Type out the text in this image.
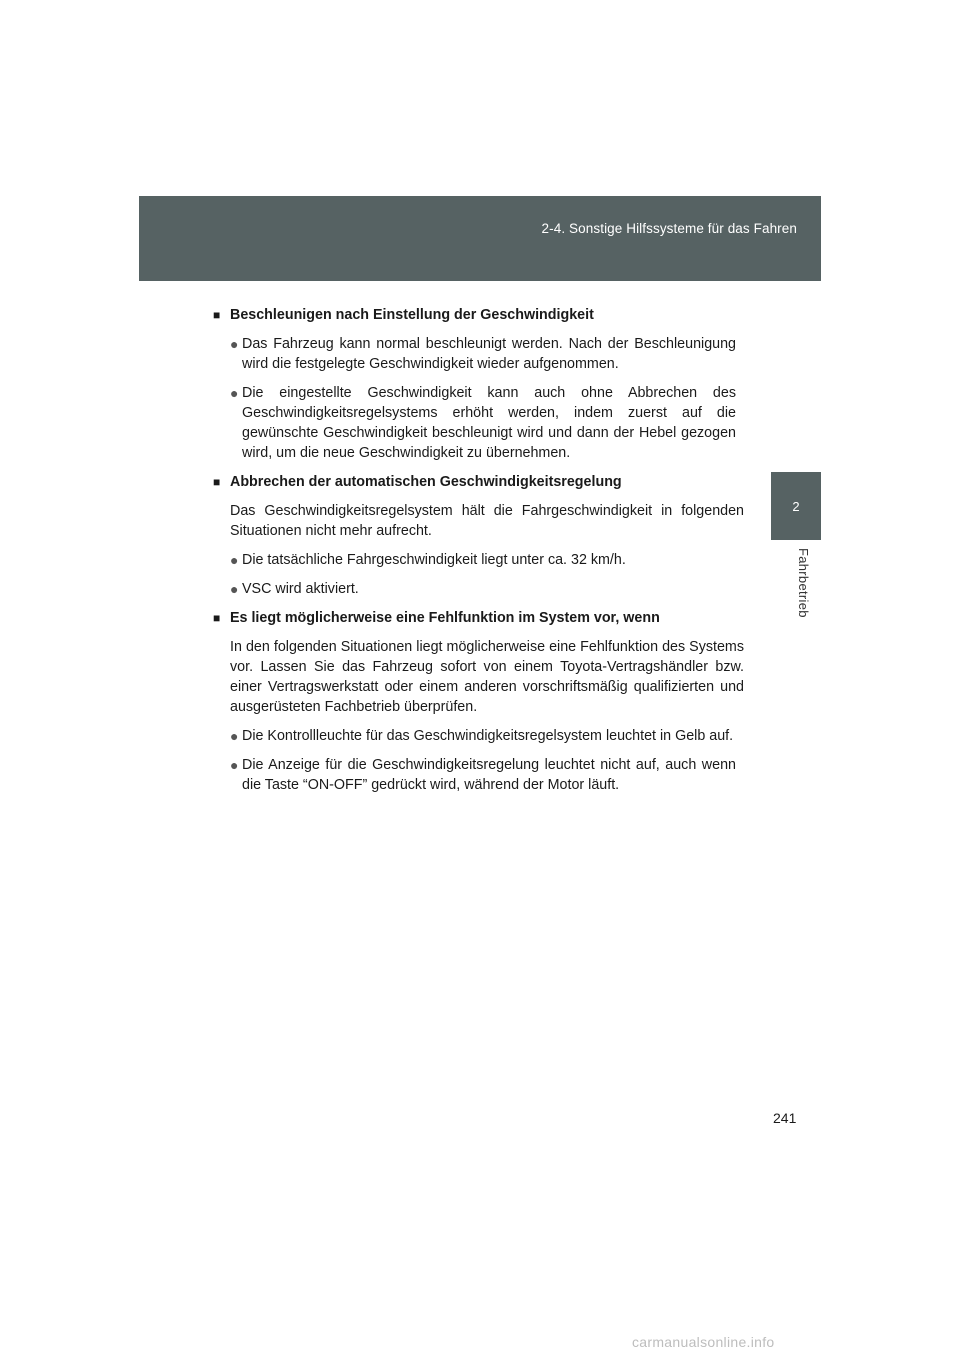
2-4. Sonstige Hilfssysteme für das Fahren
2
Fahrbetrieb
■ Beschleunigen nach Einstellung der Geschwindigkeit
● Das Fahrzeug kann normal beschleunigt werden. Nach der Beschleunigung wird die festgelegte Geschwindigkeit wieder aufgenommen.
● Die eingestellte Geschwindigkeit kann auch ohne Abbrechen des Geschwindigkeitsregelsystems erhöht werden, indem zuerst auf die gewünschte Geschwindigkeit beschleunigt wird und dann der Hebel gezogen wird, um die neue Geschwindigkeit zu übernehmen.
■ Abbrechen der automatischen Geschwindigkeitsregelung
Das Geschwindigkeitsregelsystem hält die Fahrgeschwindigkeit in folgenden Situationen nicht mehr aufrecht.
● Die tatsächliche Fahrgeschwindigkeit liegt unter ca. 32 km/h.
● VSC wird aktiviert.
■ Es liegt möglicherweise eine Fehlfunktion im System vor, wenn
In den folgenden Situationen liegt möglicherweise eine Fehlfunktion des Systems vor. Lassen Sie das Fahrzeug sofort von einem Toyota-Vertragshändler bzw. einer Vertragswerkstatt oder einem anderen vorschriftsmäßig qualifizierten und ausgerüsteten Fachbetrieb überprüfen.
● Die Kontrollleuchte für das Geschwindigkeitsregelsystem leuchtet in Gelb auf.
● Die Anzeige für die Geschwindigkeitsregelung leuchtet nicht auf, auch wenn die Taste “ON-OFF” gedrückt wird, während der Motor läuft.
241
carmanualsonline.info
